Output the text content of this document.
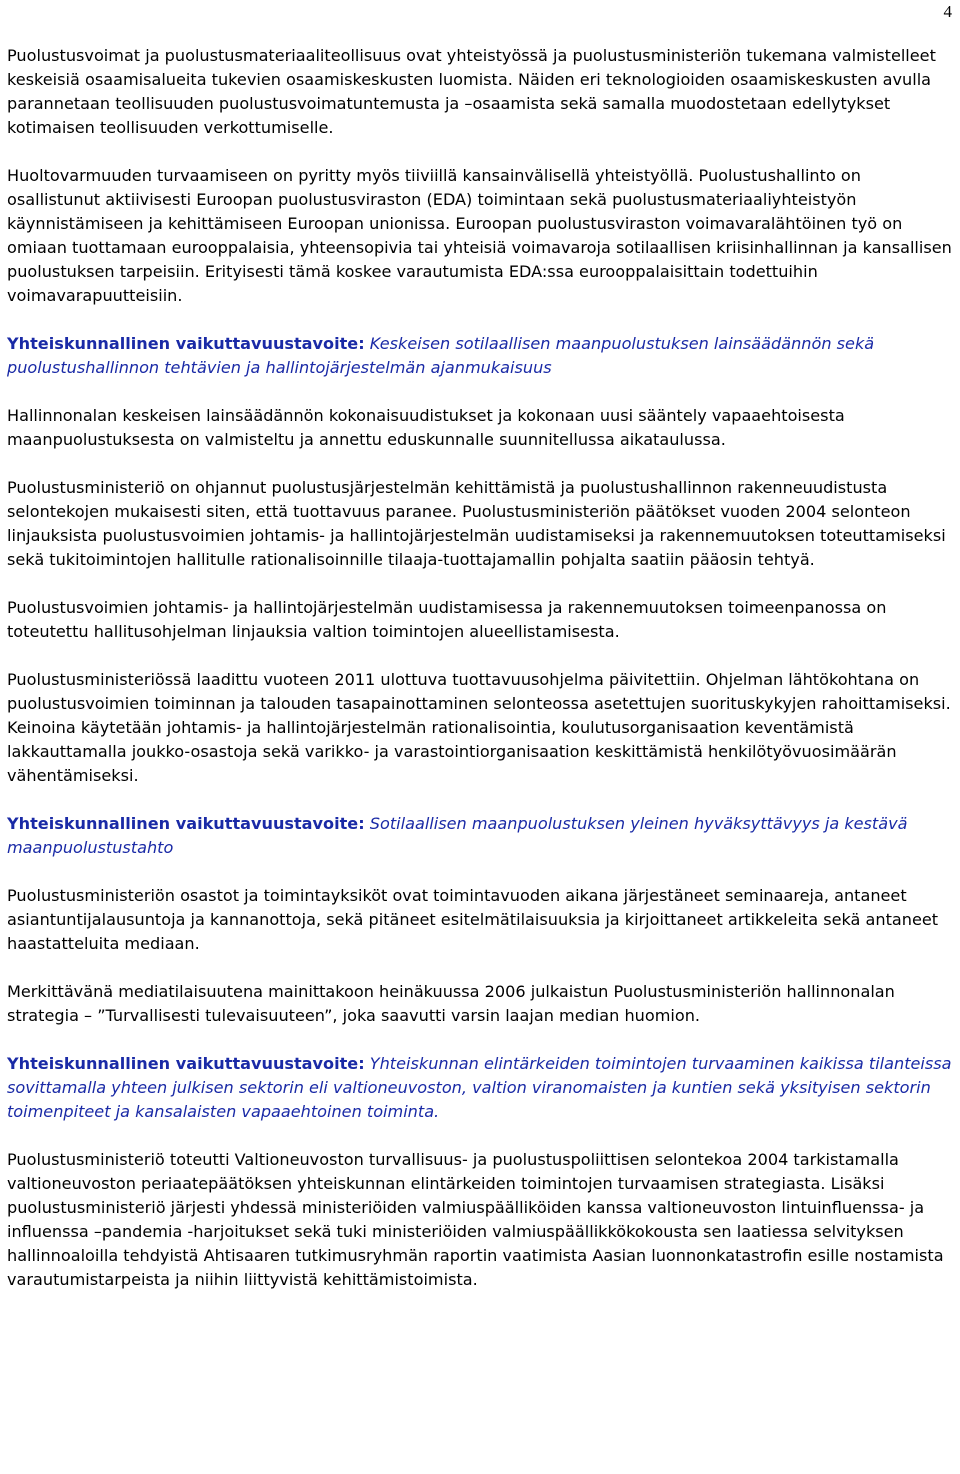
4

Puolustusvoimat ja puolustusmateriaaliteollisuus ovat yhteistyössä ja puolustusministeriön tukemana valmistelleet keskeisiä osaamisalueita tukevien osaamiskeskusten luomista. Näiden eri teknologioiden osaamiskeskusten avulla parannetaan teollisuuden puolustusvoimatuntemusta ja –osaamista sekä samalla muodostetaan edellytykset kotimaisen teollisuuden verkottumiselle.

Huoltovarmuuden turvaamiseen on pyritty myös tiiviillä kansainvälisellä yhteistyöllä. Puolustushallinto on osallistunut aktiivisesti Euroopan puolustusviraston (EDA) toimintaan sekä puolustusmateriaaliyhteistyön käynnistämiseen ja kehittämiseen Euroopan unionissa. Euroopan puolustusviraston voimavaralähtöinen työ on omiaan tuottamaan eurooppalaisia, yhteensopivia tai yhteisiä voimavaroja sotilaallisen kriisinhallinnan ja kansallisen puolustuksen tarpeisiin. Erityisesti tämä koskee varautumista EDA:ssa eurooppalaisittain todettuihin voimavarapuutteisiin.

Yhteiskunnallinen vaikuttavuustavoite: Keskeisen sotilaallisen maanpuolustuksen lainsäädännön sekä puolustushallinnon tehtävien ja hallintojärjestelmän ajanmukaisuus

Hallinnonalan keskeisen lainsäädännön kokonaisuudistukset ja kokonaan uusi sääntely vapaaehtoisesta maanpuolustuksesta on valmisteltu ja annettu eduskunnalle suunnitellussa aikataulussa.

Puolustusministeriö on ohjannut puolustusjärjestelmän kehittämistä ja puolustushallinnon rakenneuudistusta selontekojen mukaisesti siten, että tuottavuus paranee. Puolustusministeriön päätökset vuoden 2004 selonteon linjauksista puolustusvoimien johtamis- ja hallintojärjestelmän uudistamiseksi ja rakennemuutoksen toteuttamiseksi sekä tukitoimintojen hallitulle rationalisoinnille tilaaja-tuottajamallin pohjalta saatiin pääosin tehtyä.

Puolustusvoimien johtamis- ja hallintojärjestelmän uudistamisessa ja rakennemuutoksen toimeenpanossa on toteutettu hallitusohjelman linjauksia valtion toimintojen alueellistamisesta.

Puolustusministeriössä laadittu vuoteen 2011 ulottuva tuottavuusohjelma päivitettiin. Ohjelman lähtökohtana on puolustusvoimien toiminnan ja talouden tasapainottaminen selonteossa asetettujen suorituskykyjen rahoittamiseksi. Keinoina käytetään johtamis- ja hallintojärjestelmän rationalisointia, koulutusorganisaation keventämistä lakkauttamalla joukko-osastoja sekä varikko- ja varastointiorganisaation keskittämistä henkilötyövuosimäärän vähentämiseksi.

Yhteiskunnallinen vaikuttavuustavoite: Sotilaallisen maanpuolustuksen yleinen hyväksyttävyys ja kestävä maanpuolustustahto

Puolustusministeriön osastot ja toimintayksiköt ovat toimintavuoden aikana järjestäneet seminaareja, antaneet asiantuntijalausuntoja ja kannanottoja, sekä pitäneet esitelmätilaisuuksia ja kirjoittaneet artikkeleita sekä antaneet haastatteluita mediaan.

Merkittävänä mediatilaisuutena mainittakoon heinäkuussa 2006 julkaistun Puolustusministeriön hallinnonalan strategia – ”Turvallisesti tulevaisuuteen”, joka saavutti varsin laajan median huomion.

Yhteiskunnallinen vaikuttavuustavoite: Yhteiskunnan elintärkeiden toimintojen turvaaminen kaikissa tilanteissa sovittamalla yhteen julkisen sektorin eli valtioneuvoston, valtion viranomaisten ja kuntien sekä yksityisen sektorin toimenpiteet ja kansalaisten vapaaehtoinen toiminta.

Puolustusministeriö toteutti Valtioneuvoston turvallisuus- ja puolustuspoliittisen selontekoa 2004 tarkistamalla valtioneuvoston periaatepäätöksen yhteiskunnan elintärkeiden toimintojen turvaamisen strategiasta. Lisäksi puolustusministeriö järjesti yhdessä ministeriöiden valmiuspäälliköiden kanssa valtioneuvoston lintuinfluenssa- ja influenssa –pandemia -harjoitukset sekä tuki ministeriöiden valmiuspäällikkökokousta sen laatiessa selvityksen hallinnoaloilla tehdyistä Ahtisaaren tutkimusryhmän raportin vaatimista Aasian luonnonkatastrofin esille nostamista varautumistarpeista ja niihin liittyvistä kehittämistoimista.
